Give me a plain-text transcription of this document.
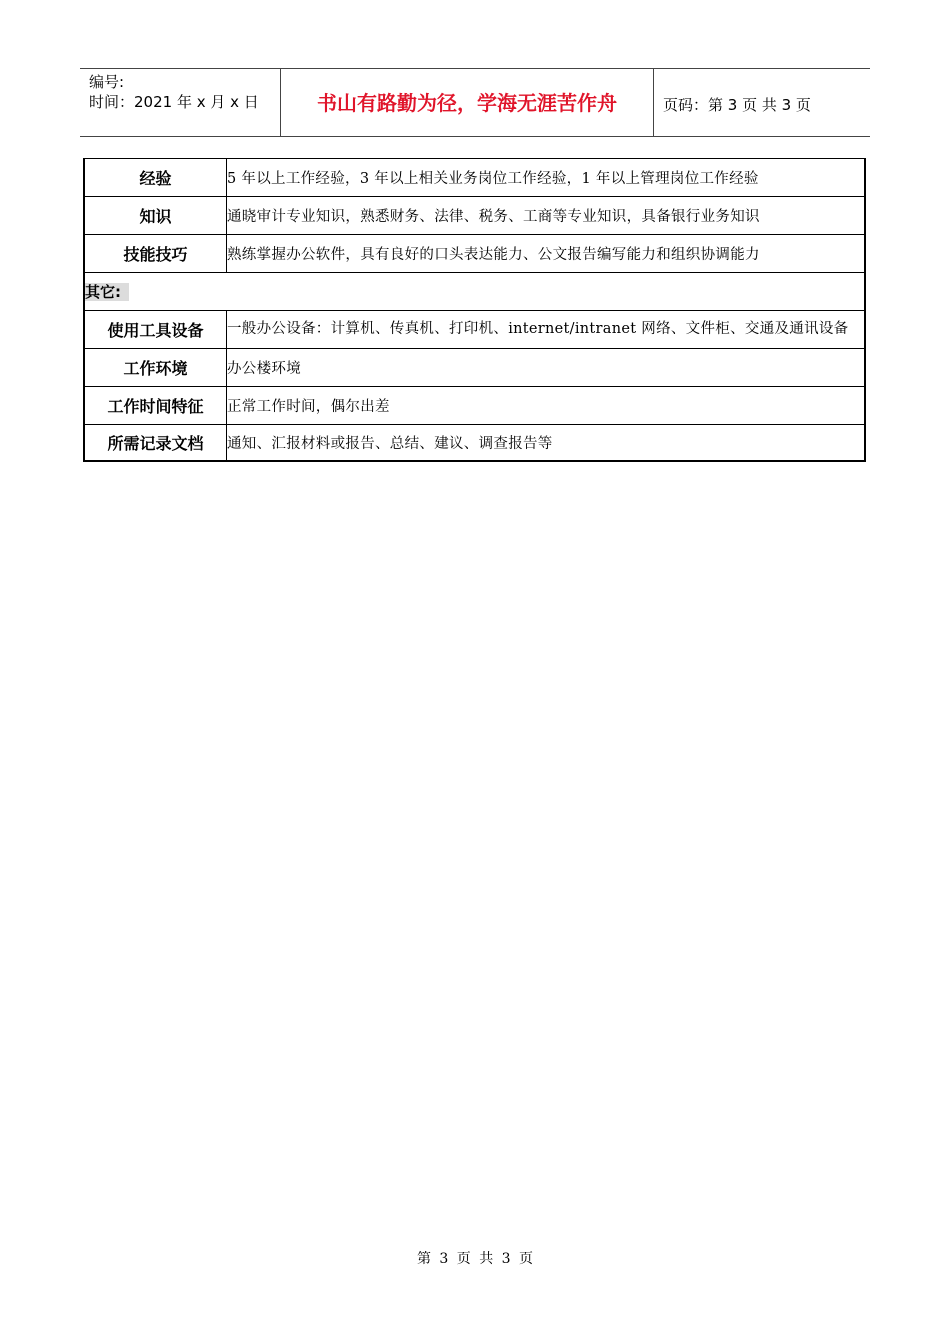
编号:
时间：2021 年 x 月 x 日	书山有路勤为径，学海无涯苦作舟	页码：第 3 页 共 3 页
经验	5 年以上工作经验，3 年以上相关业务岗位工作经验，1 年以上管理岗位工作经验
知识	通晓审计专业知识，熟悉财务、法律、税务、工商等专业知识，具备银行业务知识
技能技巧	熟练掌握办公软件，具有良好的口头表达能力、公文报告编写能力和组织协调能力
其它:	
使用工具设备	一般办公设备：计算机、传真机、打印机、internet/intranet 网络、文件柜、交通及通讯设备
工作环境	办公楼环境
工作时间特征	正常工作时间，偶尔出差
所需记录文档	通知、汇报材料或报告、总结、建议、调查报告等
第 3 页 共 3 页
